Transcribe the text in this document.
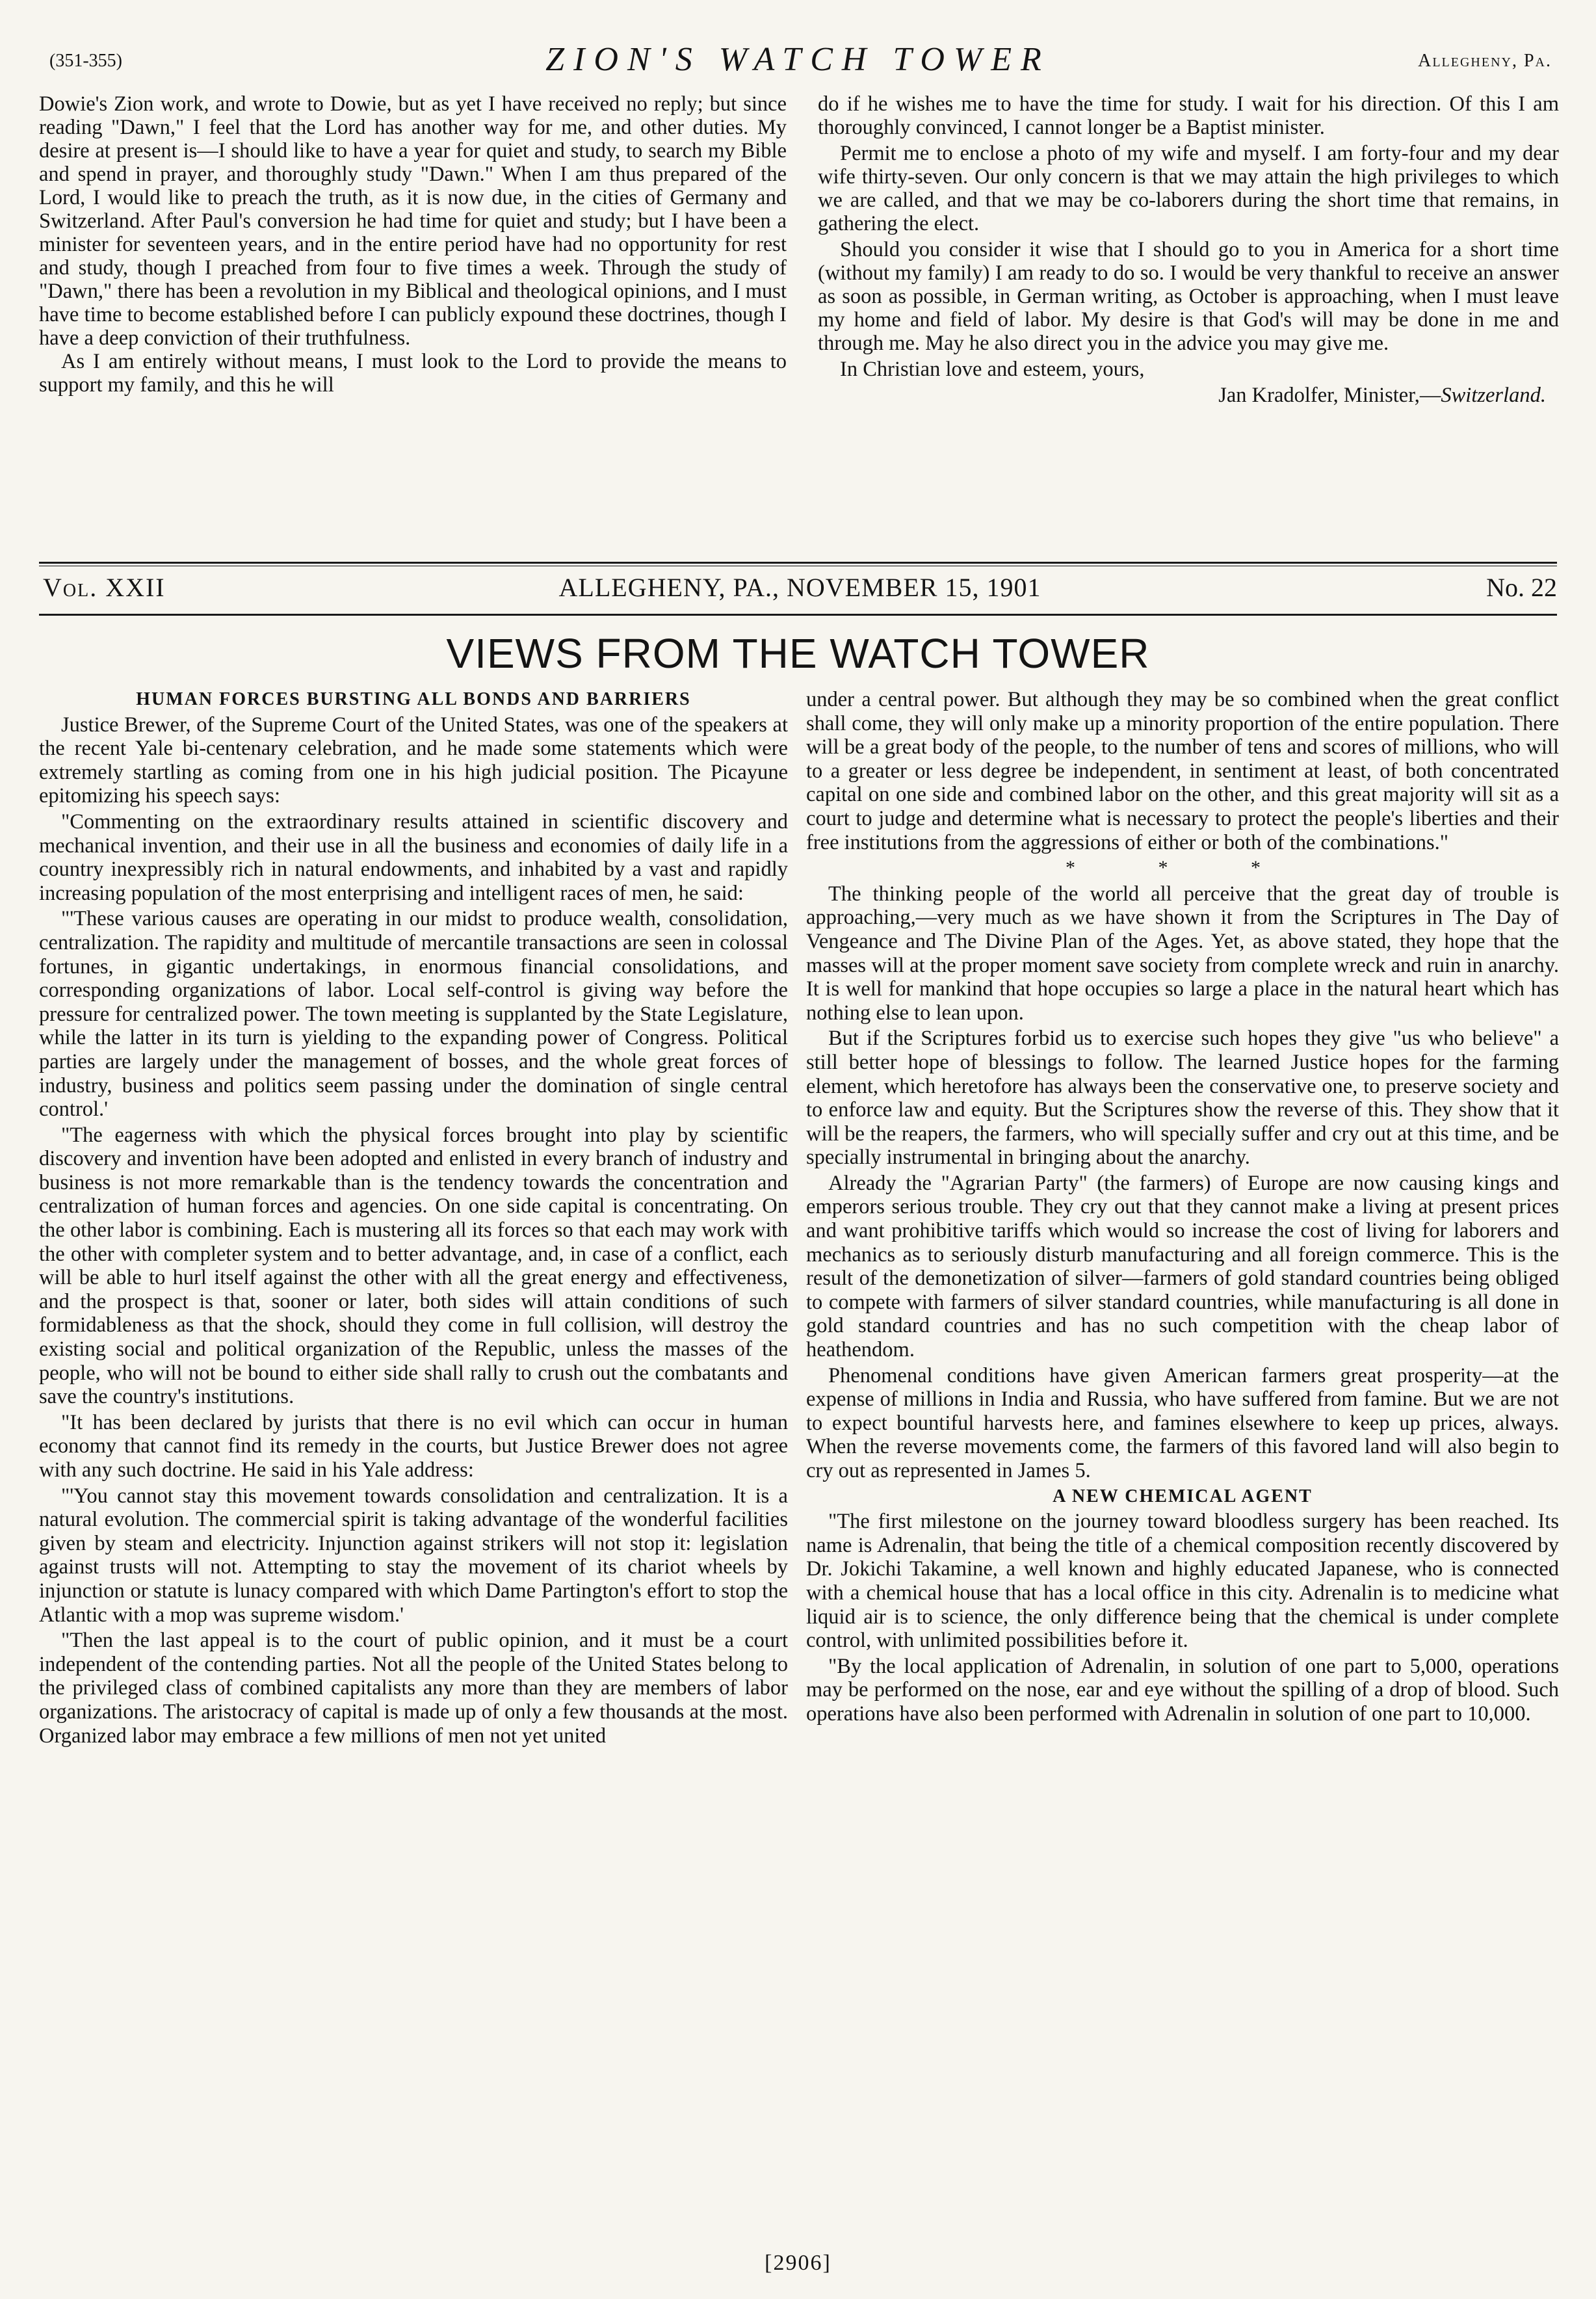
(351-355)	ZION'S WATCH TOWER	Allegheny, Pa.

Dowie's Zion work, and wrote to Dowie, but as yet I have received no reply; but since reading "Dawn," I feel that the Lord has another way for me, and other duties. My desire at present is—I should like to have a year for quiet and study, to search my Bible and spend in prayer, and thoroughly study "Dawn." When I am thus prepared of the Lord, I would like to preach the truth, as it is now due, in the cities of Germany and Switzerland. After Paul's conversion he had time for quiet and study; but I have been a minister for seventeen years, and in the entire period have had no opportunity for rest and study, though I preached from four to five times a week. Through the study of "Dawn," there has been a revolution in my Biblical and theological opinions, and I must have time to become established before I can publicly expound these doctrines, though I have a deep conviction of their truthfulness.

As I am entirely without means, I must look to the Lord to provide the means to support my family, and this he will

do if he wishes me to have the time for study. I wait for his direction. Of this I am thoroughly convinced, I cannot longer be a Baptist minister.

Permit me to enclose a photo of my wife and myself. I am forty-four and my dear wife thirty-seven. Our only concern is that we may attain the high privileges to which we are called, and that we may be co-laborers during the short time that remains, in gathering the elect.

Should you consider it wise that I should go to you in America for a short time (without my family) I am ready to do so. I would be very thankful to receive an answer as soon as possible, in German writing, as October is approaching, when I must leave my home and field of labor. My desire is that God's will may be done in me and through me. May he also direct you in the advice you may give me.

In Christian love and esteem, yours,

Jan Kradolfer, Minister,—Switzerland.

Vol. XXII	ALLEGHENY, PA., NOVEMBER 15, 1901	No. 22
VIEWS FROM THE WATCH TOWER
HUMAN FORCES BURSTING ALL BONDS AND BARRIERS

Justice Brewer, of the Supreme Court of the United States, was one of the speakers at the recent Yale bi-centenary celebration, and he made some statements which were extremely startling as coming from one in his high judicial position. The Picayune epitomizing his speech says:

"Commenting on the extraordinary results attained in scientific discovery and mechanical invention, and their use in all the business and economies of daily life in a country inexpressibly rich in natural endowments, and inhabited by a vast and rapidly increasing population of the most enterprising and intelligent races of men, he said:

"'These various causes are operating in our midst to produce wealth, consolidation, centralization. The rapidity and multitude of mercantile transactions are seen in colossal fortunes, in gigantic undertakings, in enormous financial consolidations, and corresponding organizations of labor. Local self-control is giving way before the pressure for centralized power. The town meeting is supplanted by the State Legislature, while the latter in its turn is yielding to the expanding power of Congress. Political parties are largely under the management of bosses, and the whole great forces of industry, business and politics seem passing under the domination of single central control.'

"The eagerness with which the physical forces brought into play by scientific discovery and invention have been adopted and enlisted in every branch of industry and business is not more remarkable than is the tendency towards the concentration and centralization of human forces and agencies. On one side capital is concentrating. On the other labor is combining. Each is mustering all its forces so that each may work with the other with completer system and to better advantage, and, in case of a conflict, each will be able to hurl itself against the other with all the great energy and effectiveness, and the prospect is that, sooner or later, both sides will attain conditions of such formidableness as that the shock, should they come in full collision, will destroy the existing social and political organization of the Republic, unless the masses of the people, who will not be bound to either side shall rally to crush out the combatants and save the country's institutions.

"It has been declared by jurists that there is no evil which can occur in human economy that cannot find its remedy in the courts, but Justice Brewer does not agree with any such doctrine. He said in his Yale address:

"'You cannot stay this movement towards consolidation and centralization. It is a natural evolution. The commercial spirit is taking advantage of the wonderful facilities given by steam and electricity. Injunction against strikers will not stop it: legislation against trusts will not. Attempting to stay the movement of its chariot wheels by injunction or statute is lunacy compared with which Dame Partington's effort to stop the Atlantic with a mop was supreme wisdom.'

"Then the last appeal is to the court of public opinion, and it must be a court independent of the contending parties. Not all the people of the United States belong to the privileged class of combined capitalists any more than they are members of labor organizations. The aristocracy of capital is made up of only a few thousands at the most. Organized labor may embrace a few millions of men not yet united

under a central power. But although they may be so combined when the great conflict shall come, they will only make up a minority proportion of the entire population. There will be a great body of the people, to the number of tens and scores of millions, who will to a greater or less degree be independent, in sentiment at least, of both concentrated capital on one side and combined labor on the other, and this great majority will sit as a court to judge and determine what is necessary to protect the people's liberties and their free institutions from the aggressions of either or both of the combinations."

* * *

The thinking people of the world all perceive that the great day of trouble is approaching,—very much as we have shown it from the Scriptures in The Day of Vengeance and The Divine Plan of the Ages. Yet, as above stated, they hope that the masses will at the proper moment save society from complete wreck and ruin in anarchy. It is well for mankind that hope occupies so large a place in the natural heart which has nothing else to lean upon.

But if the Scriptures forbid us to exercise such hopes they give "us who believe" a still better hope of blessings to follow. The learned Justice hopes for the farming element, which heretofore has always been the conservative one, to preserve society and to enforce law and equity. But the Scriptures show the reverse of this. They show that it will be the reapers, the farmers, who will specially suffer and cry out at this time, and be specially instrumental in bringing about the anarchy.

Already the "Agrarian Party" (the farmers) of Europe are now causing kings and emperors serious trouble. They cry out that they cannot make a living at present prices and want prohibitive tariffs which would so increase the cost of living for laborers and mechanics as to seriously disturb manufacturing and all foreign commerce. This is the result of the demonetization of silver—farmers of gold standard countries being obliged to compete with farmers of silver standard countries, while manufacturing is all done in gold standard countries and has no such competition with the cheap labor of heathendom.

Phenomenal conditions have given American farmers great prosperity—at the expense of millions in India and Russia, who have suffered from famine. But we are not to expect bountiful harvests here, and famines elsewhere to keep up prices, always. When the reverse movements come, the farmers of this favored land will also begin to cry out as represented in James 5.

A NEW CHEMICAL AGENT

"The first milestone on the journey toward bloodless surgery has been reached. Its name is Adrenalin, that being the title of a chemical composition recently discovered by Dr. Jokichi Takamine, a well known and highly educated Japanese, who is connected with a chemical house that has a local office in this city. Adrenalin is to medicine what liquid air is to science, the only difference being that the chemical is under complete control, with unlimited possibilities before it.

"By the local application of Adrenalin, in solution of one part to 5,000, operations may be performed on the nose, ear and eye without the spilling of a drop of blood. Such operations have also been performed with Adrenalin in solution of one part to 10,000.

[2906]
